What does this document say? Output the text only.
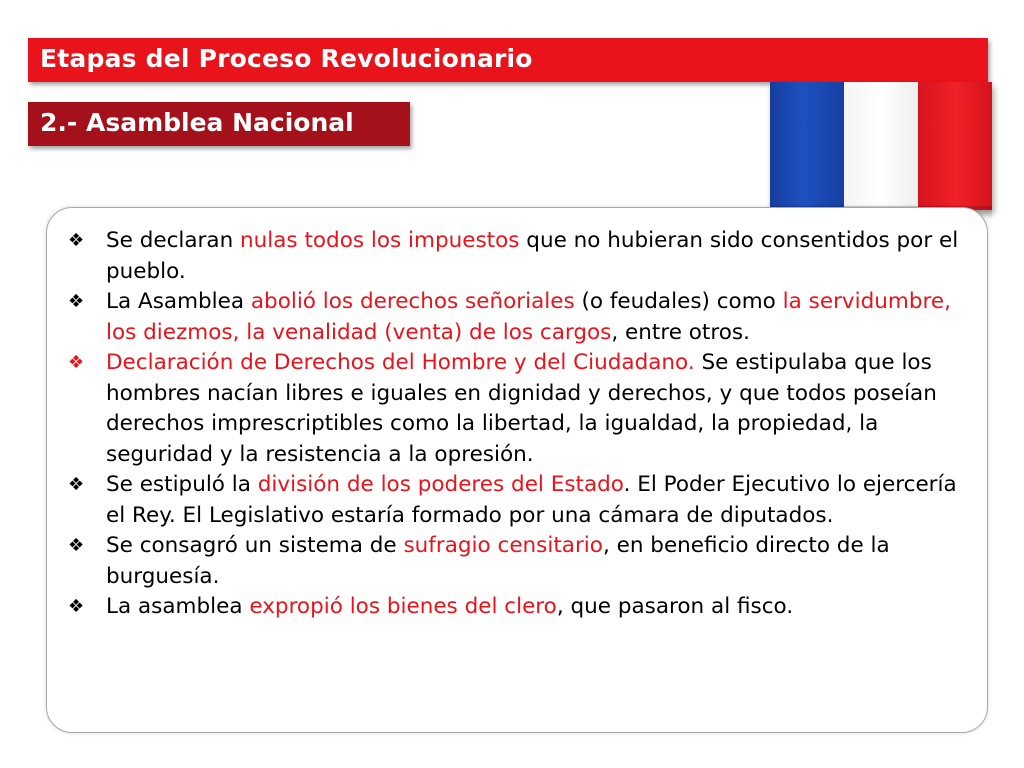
Etapas del Proceso Revolucionario
2.- Asamblea Nacional
❖ Se declaran nulas todos los impuestos que no hubieran sido consentidos por el pueblo.
❖ La Asamblea abolió los derechos señoriales (o feudales) como la servidumbre, los diezmos, la venalidad (venta) de los cargos, entre otros.
❖ Declaración de Derechos del Hombre y del Ciudadano. Se estipulaba que los hombres nacían libres e iguales en dignidad y derechos, y que todos poseían derechos imprescriptibles como la libertad, la igualdad, la propiedad, la seguridad y la resistencia a la opresión.
❖ Se estipuló la división de los poderes del Estado. El Poder Ejecutivo lo ejercería el Rey. El Legislativo estaría formado por una cámara de diputados.
❖ Se consagró un sistema de sufragio censitario, en beneficio directo de la burguesía.
❖ La asamblea expropió los bienes del clero, que pasaron al fisco.
